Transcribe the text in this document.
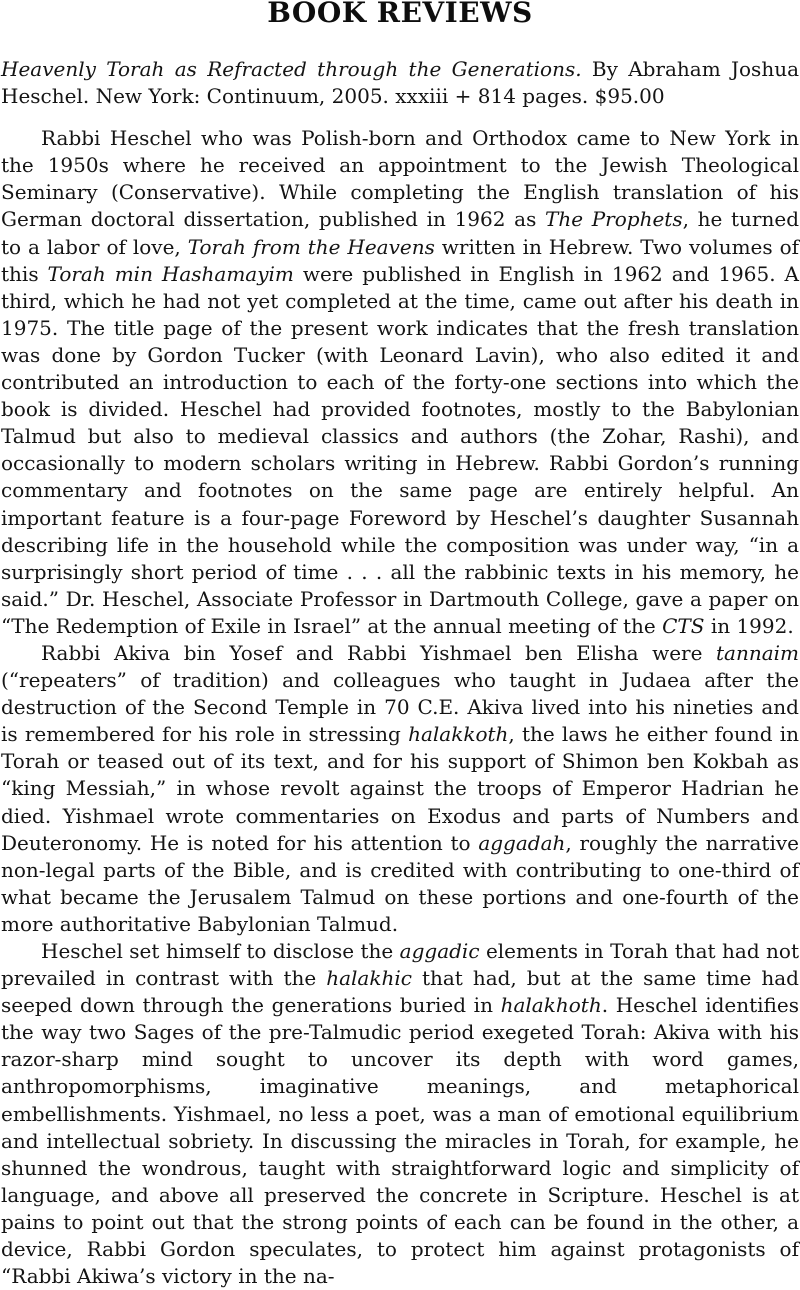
BOOK REVIEWS

Heavenly Torah as Refracted through the Generations. By Abraham Joshua Heschel. New York: Continuum, 2005. xxxiii + 814 pages. $95.00

Rabbi Heschel who was Polish-born and Orthodox came to New York in the 1950s where he received an appointment to the Jewish Theological Seminary (Conservative). While completing the English translation of his German doctoral dissertation, published in 1962 as The Prophets, he turned to a labor of love, Torah from the Heavens written in Hebrew. Two volumes of this Torah min Hashamayim were published in English in 1962 and 1965. A third, which he had not yet completed at the time, came out after his death in 1975. The title page of the present work indicates that the fresh translation was done by Gordon Tucker (with Leonard Lavin), who also edited it and contributed an introduction to each of the forty-one sections into which the book is divided. Heschel had provided footnotes, mostly to the Babylonian Talmud but also to medieval classics and authors (the Zohar, Rashi), and occasionally to modern scholars writing in Hebrew. Rabbi Gordon’s running commentary and footnotes on the same page are entirely helpful. An important feature is a four-page Foreword by Heschel’s daughter Susannah describing life in the household while the composition was under way, “in a surprisingly short period of time . . . all the rabbinic texts in his memory, he said.” Dr. Heschel, Associate Professor in Dartmouth College, gave a paper on “The Redemption of Exile in Israel” at the annual meeting of the CTS in 1992.

Rabbi Akiva bin Yosef and Rabbi Yishmael ben Elisha were tannaim (“repeaters” of tradition) and colleagues who taught in Judaea after the destruction of the Second Temple in 70 C.E. Akiva lived into his nineties and is remembered for his role in stressing halakkoth, the laws he either found in Torah or teased out of its text, and for his support of Shimon ben Kokbah as “king Messiah,” in whose revolt against the troops of Emperor Hadrian he died. Yishmael wrote commentaries on Exodus and parts of Numbers and Deuteronomy. He is noted for his attention to aggadah, roughly the narrative non-legal parts of the Bible, and is credited with contributing to one-third of what became the Jerusalem Talmud on these portions and one-fourth of the more authoritative Babylonian Talmud.

Heschel set himself to disclose the aggadic elements in Torah that had not prevailed in contrast with the halakhic that had, but at the same time had seeped down through the generations buried in halakhoth. Heschel identifies the way two Sages of the pre-Talmudic period exegeted Torah: Akiva with his razor-sharp mind sought to uncover its depth with word games, anthropomorphisms, imaginative meanings, and metaphorical embellishments. Yishmael, no less a poet, was a man of emotional equilibrium and intellectual sobriety. In discussing the miracles in Torah, for example, he shunned the wondrous, taught with straightforward logic and simplicity of language, and above all preserved the concrete in Scripture. Heschel is at pains to point out that the strong points of each can be found in the other, a device, Rabbi Gordon speculates, to protect him against protagonists of “Rabbi Akiwa’s victory in the na-
